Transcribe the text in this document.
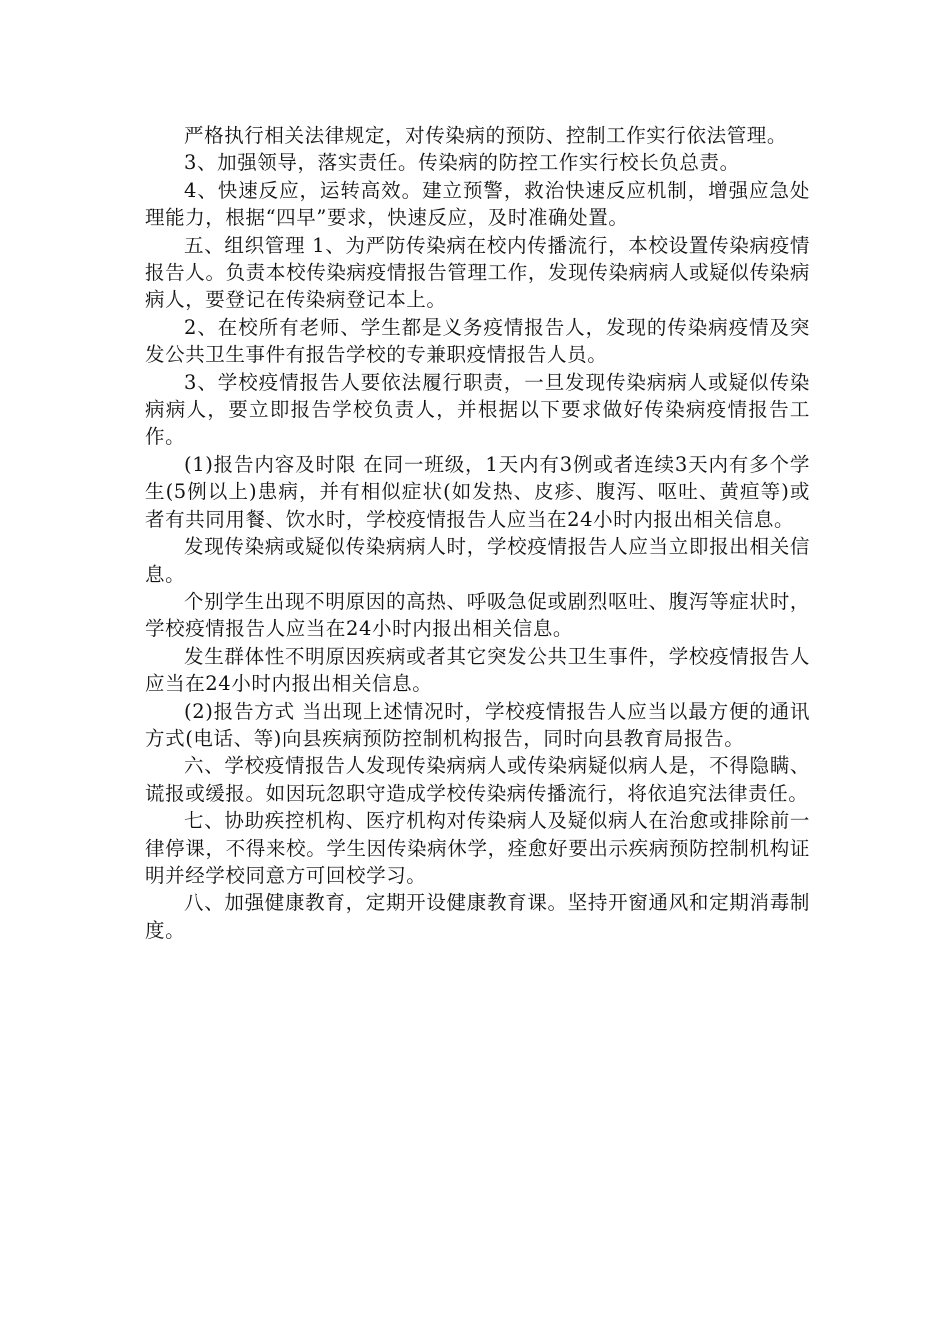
严格执行相关法律规定，对传染病的预防、控制工作实行依法管理。

3、加强领导，落实责任。传染病的防控工作实行校长负总责。

4、快速反应，运转高效。建立预警，救治快速反应机制，增强应急处理能力，根据“四早”要求，快速反应，及时准确处置。

五、组织管理 1、为严防传染病在校内传播流行，本校设置传染病疫情报告人。负责本校传染病疫情报告管理工作，发现传染病病人或疑似传染病病人，要登记在传染病登记本上。

2、在校所有老师、学生都是义务疫情报告人，发现的传染病疫情及突发公共卫生事件有报告学校的专兼职疫情报告人员。

3、学校疫情报告人要依法履行职责，一旦发现传染病病人或疑似传染病病人，要立即报告学校负责人，并根据以下要求做好传染病疫情报告工作。

(1)报告内容及时限 在同一班级，1天内有3例或者连续3天内有多个学生(5例以上)患病，并有相似症状(如发热、皮疹、腹泻、呕吐、黄疸等)或者有共同用餐、饮水时，学校疫情报告人应当在24小时内报出相关信息。

发现传染病或疑似传染病病人时，学校疫情报告人应当立即报出相关信息。

个别学生出现不明原因的高热、呼吸急促或剧烈呕吐、腹泻等症状时，学校疫情报告人应当在24小时内报出相关信息。

发生群体性不明原因疾病或者其它突发公共卫生事件，学校疫情报告人应当在24小时内报出相关信息。

(2)报告方式 当出现上述情况时，学校疫情报告人应当以最方便的通讯方式(电话、等)向县疾病预防控制机构报告，同时向县教育局报告。

六、学校疫情报告人发现传染病病人或传染病疑似病人是，不得隐瞒、谎报或缓报。如因玩忽职守造成学校传染病传播流行，将依追究法律责任。

七、协助疾控机构、医疗机构对传染病人及疑似病人在治愈或排除前一律停课，不得来校。学生因传染病休学，痊愈好要出示疾病预防控制机构证明并经学校同意方可回校学习。

八、加强健康教育，定期开设健康教育课。坚持开窗通风和定期消毒制度。
